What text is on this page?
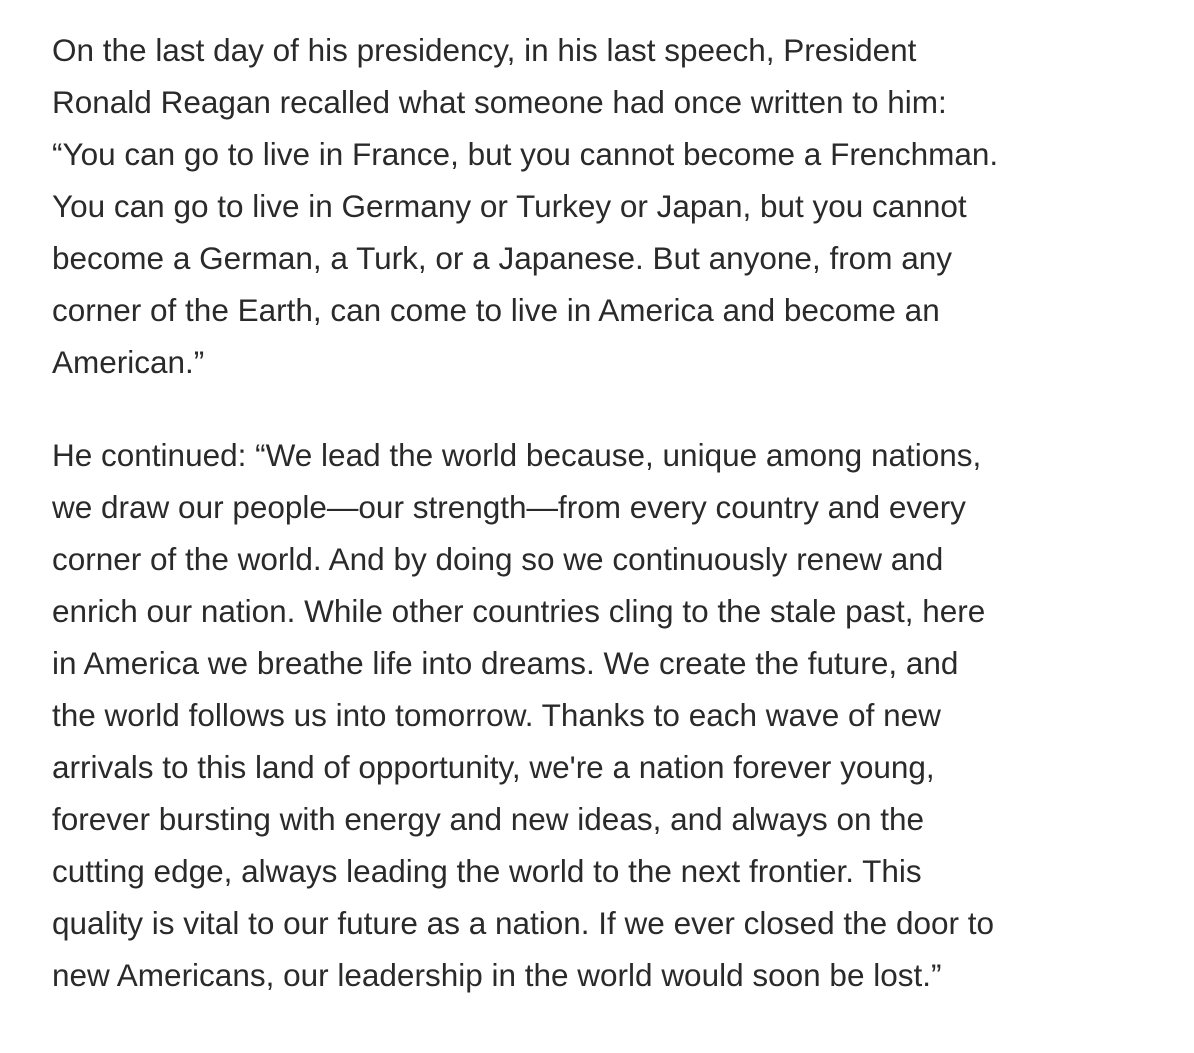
On the last day of his presidency, in his last speech, President
Ronald Reagan recalled what someone had once written to him:
“You can go to live in France, but you cannot become a Frenchman.
You can go to live in Germany or Turkey or Japan, but you cannot
become a German, a Turk, or a Japanese. But anyone, from any
corner of the Earth, can come to live in America and become an
American.”
He continued: “We lead the world because, unique among nations,
we draw our people—our strength—from every country and every
corner of the world. And by doing so we continuously renew and
enrich our nation. While other countries cling to the stale past, here
in America we breathe life into dreams. We create the future, and
the world follows us into tomorrow. Thanks to each wave of new
arrivals to this land of opportunity, we're a nation forever young,
forever bursting with energy and new ideas, and always on the
cutting edge, always leading the world to the next frontier. This
quality is vital to our future as a nation. If we ever closed the door to
new Americans, our leadership in the world would soon be lost.”
